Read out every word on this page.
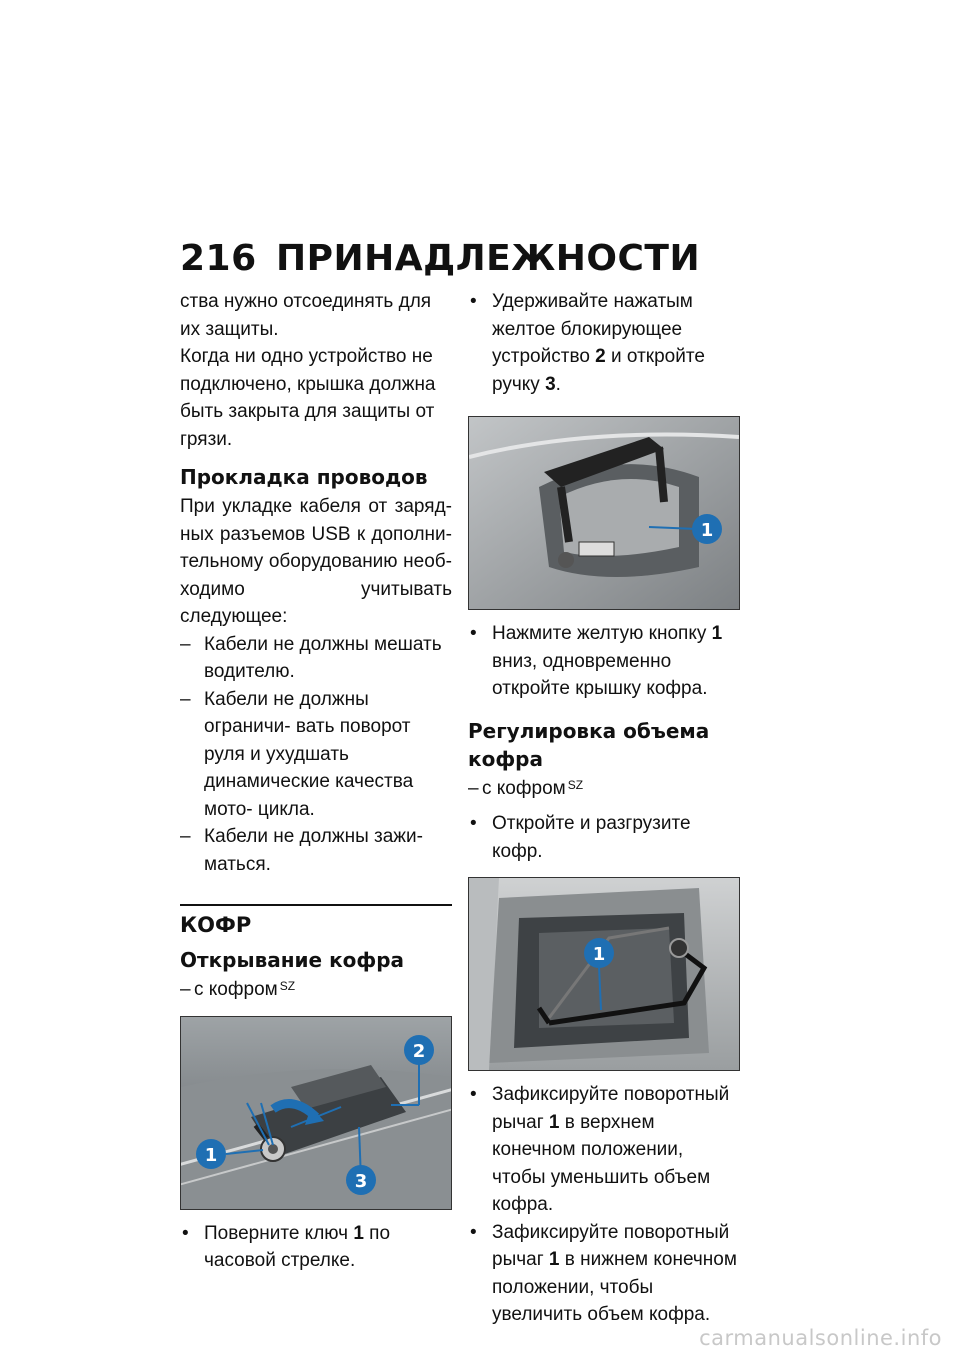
216 ПРИНАДЛЕЖНОСТИ

ства нужно отсоединять для их защиты.

Когда ни одно устройство не подключено, крышка должна быть закрыта для защиты от грязи.

Прокладка проводов

При укладке кабеля от заряд- ных разъемов USB к дополни- тельному оборудованию необ- ходимо учитывать следующее:

– Кабели не должны мешать водителю.
– Кабели не должны ограничи- вать поворот руля и ухудшать динамические качества мото- цикла.
– Кабели не должны зажи- маться.
КОФР
Открывание кофра
– с кофром $^{SZ}$
1
2
3
• Поверните ключ 1 по часовой стрелке.
• Удерживайте нажатым желтое блокирующее устройство 2 и откройте ручку 3.
1
• Нажмите желтую кнопку 1 вниз, одновременно откройте крышку кофра.
Регулировка объема кофра
– с кофром $^{SZ}$
• Откройте и разгрузите кофр.
1
• Зафиксируйте поворотный рычаг 1 в верхнем конечном положении, чтобы уменьшить объем кофра.
• Зафиксируйте поворотный рычаг 1 в нижнем конечном положении, чтобы увеличить объем кофра.
carmanualsonline.info
